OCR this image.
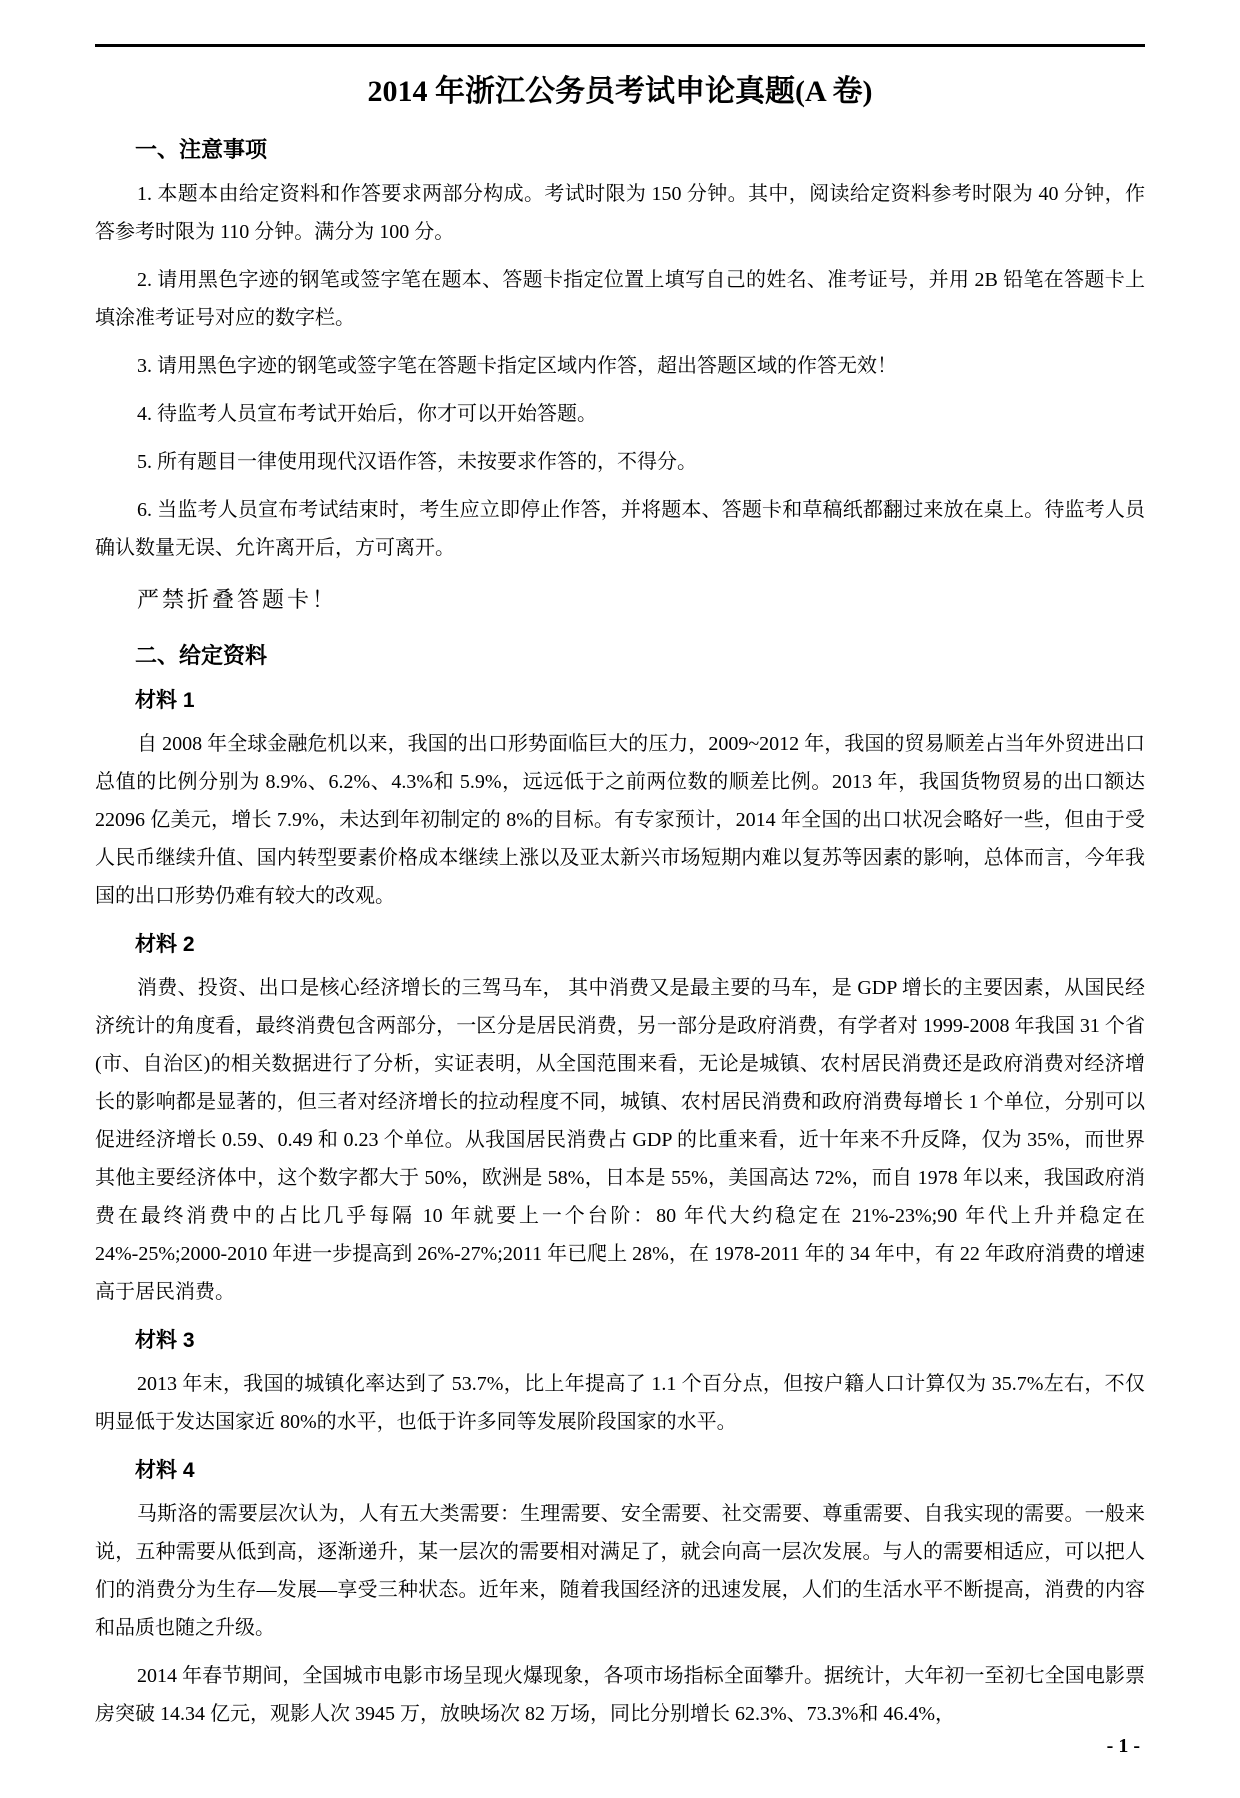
2014 年浙江公务员考试申论真题(A 卷)
一、注意事项

1. 本题本由给定资料和作答要求两部分构成。考试时限为 150 分钟。其中，阅读给定资料参考时限为 40 分钟，作答参考时限为 110 分钟。满分为 100 分。

2. 请用黑色字迹的钢笔或签字笔在题本、答题卡指定位置上填写自己的姓名、准考证号，并用 2B 铅笔在答题卡上填涂准考证号对应的数字栏。

3. 请用黑色字迹的钢笔或签字笔在答题卡指定区域内作答，超出答题区域的作答无效！

4. 待监考人员宣布考试开始后，你才可以开始答题。

5. 所有题目一律使用现代汉语作答，未按要求作答的，不得分。

6. 当监考人员宣布考试结束时，考生应立即停止作答，并将题本、答题卡和草稿纸都翻过来放在桌上。待监考人员确认数量无误、允许离开后，方可离开。

严禁折叠答题卡！

二、给定资料
材料 1

自 2008 年全球金融危机以来，我国的出口形势面临巨大的压力，2009~2012 年，我国的贸易顺差占当年外贸进出口总值的比例分别为 8.9%、6.2%、4.3%和 5.9%，远远低于之前两位数的顺差比例。2013 年，我国货物贸易的出口额达 22096 亿美元，增长 7.9%，未达到年初制定的 8%的目标。有专家预计，2014 年全国的出口状况会略好一些，但由于受人民币继续升值、国内转型要素价格成本继续上涨以及亚太新兴市场短期内难以复苏等因素的影响，总体而言，今年我国的出口形势仍难有较大的改观。

材料 2

消费、投资、出口是核心经济增长的三驾马车， 其中消费又是最主要的马车，是 GDP 增长的主要因素，从国民经济统计的角度看，最终消费包含两部分，一区分是居民消费，另一部分是政府消费，有学者对 1999-2008 年我国 31 个省(市、自治区)的相关数据进行了分析，实证表明，从全国范围来看，无论是城镇、农村居民消费还是政府消费对经济增长的影响都是显著的，但三者对经济增长的拉动程度不同，城镇、农村居民消费和政府消费每增长 1 个单位，分别可以促进经济增长 0.59、0.49 和 0.23 个单位。从我国居民消费占 GDP 的比重来看，近十年来不升反降，仅为 35%，而世界其他主要经济体中，这个数字都大于 50%，欧洲是 58%，日本是 55%，美国高达 72%，而自 1978 年以来，我国政府消费在最终消费中的占比几乎每隔 10 年就要上一个台阶：80 年代大约稳定在 21%-23%;90 年代上升并稳定在 24%-25%;2000-2010 年进一步提高到 26%-27%;2011 年已爬上 28%，在 1978-2011 年的 34 年中，有 22 年政府消费的增速高于居民消费。

材料 3

2013 年末，我国的城镇化率达到了 53.7%，比上年提高了 1.1 个百分点，但按户籍人口计算仅为 35.7%左右，不仅明显低于发达国家近 80%的水平，也低于许多同等发展阶段国家的水平。

材料 4

马斯洛的需要层次认为，人有五大类需要：生理需要、安全需要、社交需要、尊重需要、自我实现的需要。一般来说，五种需要从低到高，逐渐递升，某一层次的需要相对满足了，就会向高一层次发展。与人的需要相适应，可以把人们的消费分为生存—发展—享受三种状态。近年来，随着我国经济的迅速发展，人们的生活水平不断提高，消费的内容和品质也随之升级。

2014 年春节期间，全国城市电影市场呈现火爆现象，各项市场指标全面攀升。据统计，大年初一至初七全国电影票房突破 14.34 亿元，观影人次 3945 万，放映场次 82 万场，同比分别增长 62.3%、73.3%和 46.4%，

- 1 -
